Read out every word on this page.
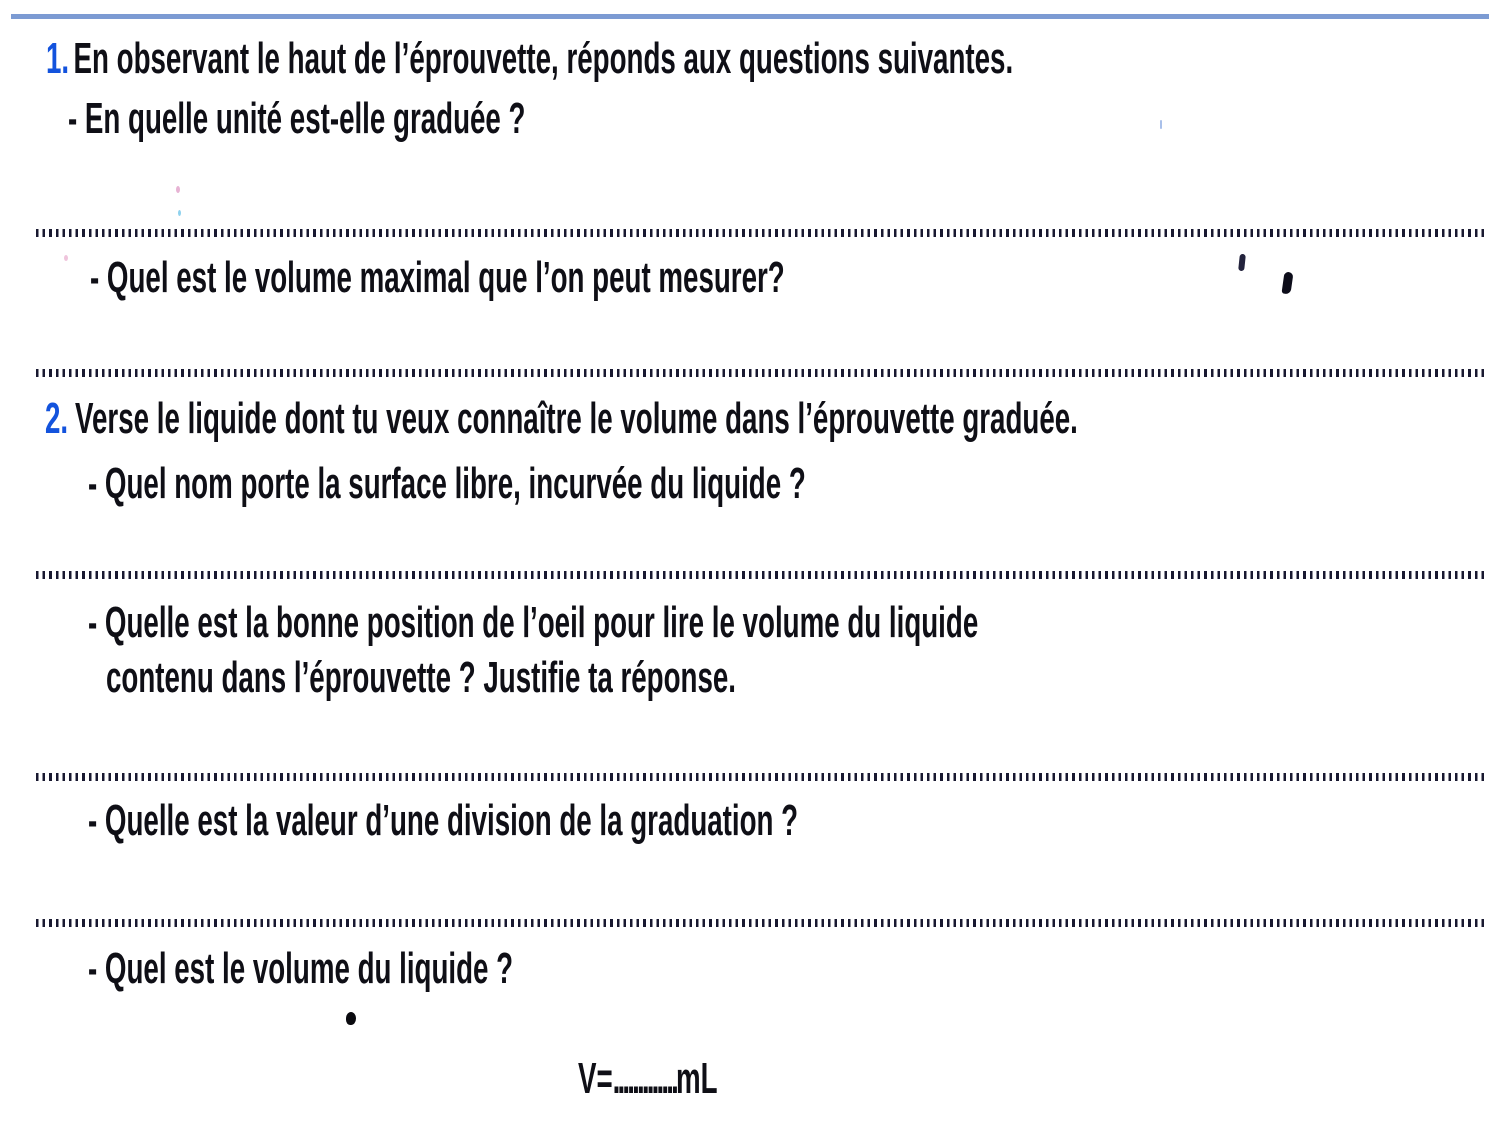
1. En observant le haut de l’éprouvette, réponds aux questions suivantes.
- En quelle unité est-elle graduée ?
- Quel est le volume maximal que l’on peut mesurer?
2. Verse le liquide dont tu veux connaître le volume dans l’éprouvette graduée.
- Quel nom porte la surface libre, incurvée du liquide ?
- Quelle est la bonne position de l’oeil pour lire le volume du liquide
contenu dans l’éprouvette ? Justifie ta réponse.
- Quelle est la valeur d’une division de la graduation ?
- Quel est le volume du liquide ?
V=.............mL
